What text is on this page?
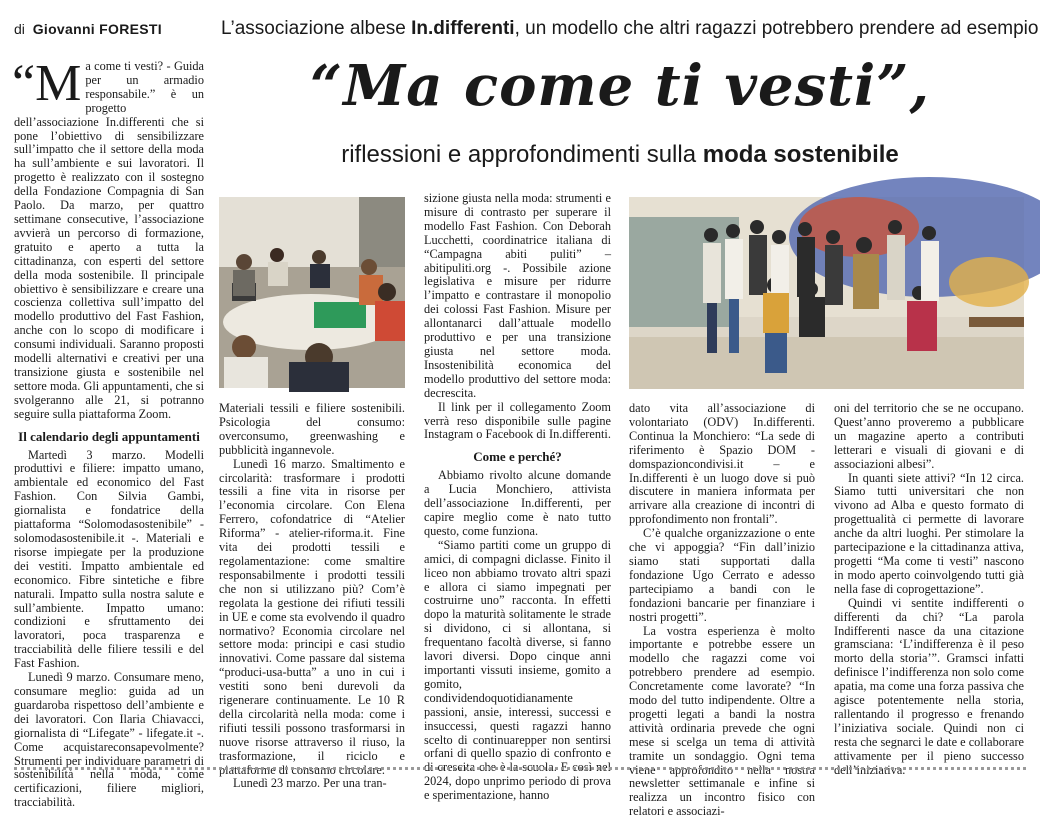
di Giovanni FORESTI	L’associazione albese In.differenti, un modello che altri ragazzi potrebbero prendere ad esempio
“Ma come ti vesti”,
riflessioni e approfondimenti sulla moda sostenibile

“M a come ti vesti? - Guida per un armadio responsabile.” è un progetto dell’associazione In.differenti che si pone l’obiettivo di sensibilizzare sull’impatto che il settore della moda ha sull’ambiente e sui lavoratori. Il progetto è realizzato con il sostegno della Fondazione Compagnia di San Paolo. Da marzo, per quattro settimane consecutive, l’associazione avvierà un percorso di formazione, gratuito e aperto a tutta la cittadinanza, con esperti del settore della moda sostenibile. Il principale obiettivo è sensibilizzare e creare una coscienza collettiva sull’impatto del modello produttivo del Fast Fashion, anche con lo scopo di modificare i consumi individuali. Saranno proposti modelli alternativi e creativi per una transizione giusta e sostenibile nel settore moda. Gli appuntamenti, che si svolgeranno alle 21, si potranno seguire sulla piattaforma Zoom.

Il calendario degli appuntamenti

Martedì 3 marzo. Modelli produttivi e filiere: impatto umano, ambientale ed economico del Fast Fashion. Con Silvia Gambi, giornalista e fondatrice della piattaforma “Solomodasostenibile” - solomodasostenibile.it -. Materiali e risorse impiegate per la produzione dei vestiti. Impatto ambientale ed economico. Fibre sintetiche e fibre naturali. Impatto sulla nostra salute e sull’ambiente. Impatto umano: condizioni e sfruttamento dei lavoratori, poca trasparenza e tracciabilità delle filiere tessili e del Fast Fashion.

Lunedì 9 marzo. Consumare meno, consumare meglio: guida ad un guardaroba rispettoso dell’ambiente e dei lavoratori. Con Ilaria Chiavacci, giornalista di “Lifegate” - lifegate.it -. Come acquistareconsapevolmente? Strumenti per individuare parametri di sostenibilità nella moda, come certificazioni, filiere migliori, tracciabilità.

Materiali tessili e filiere sostenibili. Psicologia del consumo: overconsumo, greenwashing e pubblicità ingannevole.

Lunedì 16 marzo. Smaltimento e circolarità: trasformare i prodotti tessili a fine vita in risorse per l’economia circolare. Con Elena Ferrero, cofondatrice di “Atelier Riforma” - atelier-riforma.it. Fine vita dei prodotti tessili e regolamentazione: come smaltire responsabilmente i prodotti tessili che non si utilizzano più? Com’è regolata la gestione dei rifiuti tessili in UE e come sta evolvendo il quadro normativo? Economia circolare nel settore moda: principi e casi studio innovativi. Come passare dal sistema “produci-usa-butta” a uno in cui i vestiti sono beni durevoli da rigenerare continuamente. Le 10 R della circolarità nella moda: come i rifiuti tessili possono trasformarsi in nuove risorse attraverso il riuso, la trasformazione, il riciclo e piattaforme di consumo circolare.

Lunedì 23 marzo. Per una tran-

sizione giusta nella moda: strumenti e misure di contrasto per superare il modello Fast Fashion. Con Deborah Lucchetti, coordinatrice italiana di “Campagna abiti puliti” – abitipuliti.org -. Possibile azione legislativa e misure per ridurre l’impatto e contrastare il monopolio dei colossi Fast Fashion. Misure per allontanarci dall’attuale modello produttivo e per una transizione giusta nel settore moda. Insostenibilità economica del modello produttivo del settore moda: decrescita.

Il link per il collegamento Zoom verrà reso disponibile sulle pagine Instagram o Facebook di In.differenti.

Come e perché?

Abbiamo rivolto alcune domande a Lucia Monchiero, attivista dell’associazione In.differenti, per capire meglio come è nato tutto questo, come funziona.

“Siamo partiti come un gruppo di amici, di compagni diclasse. Finito il liceo non abbiamo trovato altri spazi e allora ci siamo impegnati per costruirne uno” racconta. In effetti dopo la maturità solitamente le strade si dividono, ci si allontana, si frequentano facoltà diverse, si fanno lavori diversi. Dopo cinque anni importanti vissuti insieme, gomito a gomito, condividendoquotidianamente passioni, ansie, interessi, successi e insuccessi, questi ragazzi hanno scelto di continuarepper non sentirsi orfani di quello spazio di confronto e di crescita che è la scuola. E così nel 2024, dopo unprimo periodo di prova e sperimentazione, hanno

dato vita all’associazione di volontariato (ODV) In.differenti. Continua la Monchiero: “La sede di riferimento è Spazio DOM - domspazioncondivisi.it – e In.differenti è un luogo dove si può discutere in maniera informata per arrivare alla creazione di incontri di pprofondimento non frontali”.

C’è qualche organizzazione o ente che vi appoggia? “Fin dall’inizio siamo stati supportati dalla fondazione Ugo Cerrato e adesso partecipiamo a bandi con le fondazioni bancarie per finanziare i nostri progetti”.

La vostra esperienza è molto importante e potrebbe essere un modello che ragazzi come voi potrebbero prendere ad esempio. Concretamente come lavorate? “In modo del tutto indipendente. Oltre a progetti legati a bandi la nostra attività ordinaria prevede che ogni mese si scelga un tema di attività tramite un sondaggio. Ogni tema viene approfondito nella nostra newsletter settimanale e infine si realizza un incontro fisico con relatori e associazi-

oni del territorio che se ne occupano. Quest’anno proveremo a pubblicare un magazine aperto a contributi letterari e visuali di giovani e di associazioni albesi”.

In quanti siete attivi? “In 12 circa. Siamo tutti universitari che non vivono ad Alba e questo formato di progettualità ci permette di lavorare anche da altri luoghi. Per stimolare la partecipazione e la cittadinanza attiva, progetti “Ma come ti vesti” nascono in modo aperto coinvolgendo tutti già nella fase di coprogettazione”.

Quindi vi sentite indifferenti o differenti da chi? “La parola Indifferenti nasce da una citazione gramsciana: ‘L’indifferenza è il peso morto della storia’”. Gramsci infatti definisce l’indifferenza non solo come apatia, ma come una forza passiva che agisce potentemente nella storia, rallentando il progresso e frenando l’iniziativa sociale. Quindi non ci resta che segnarci le date e collaborare attivamente per il pieno successo dell’iniziativa.
